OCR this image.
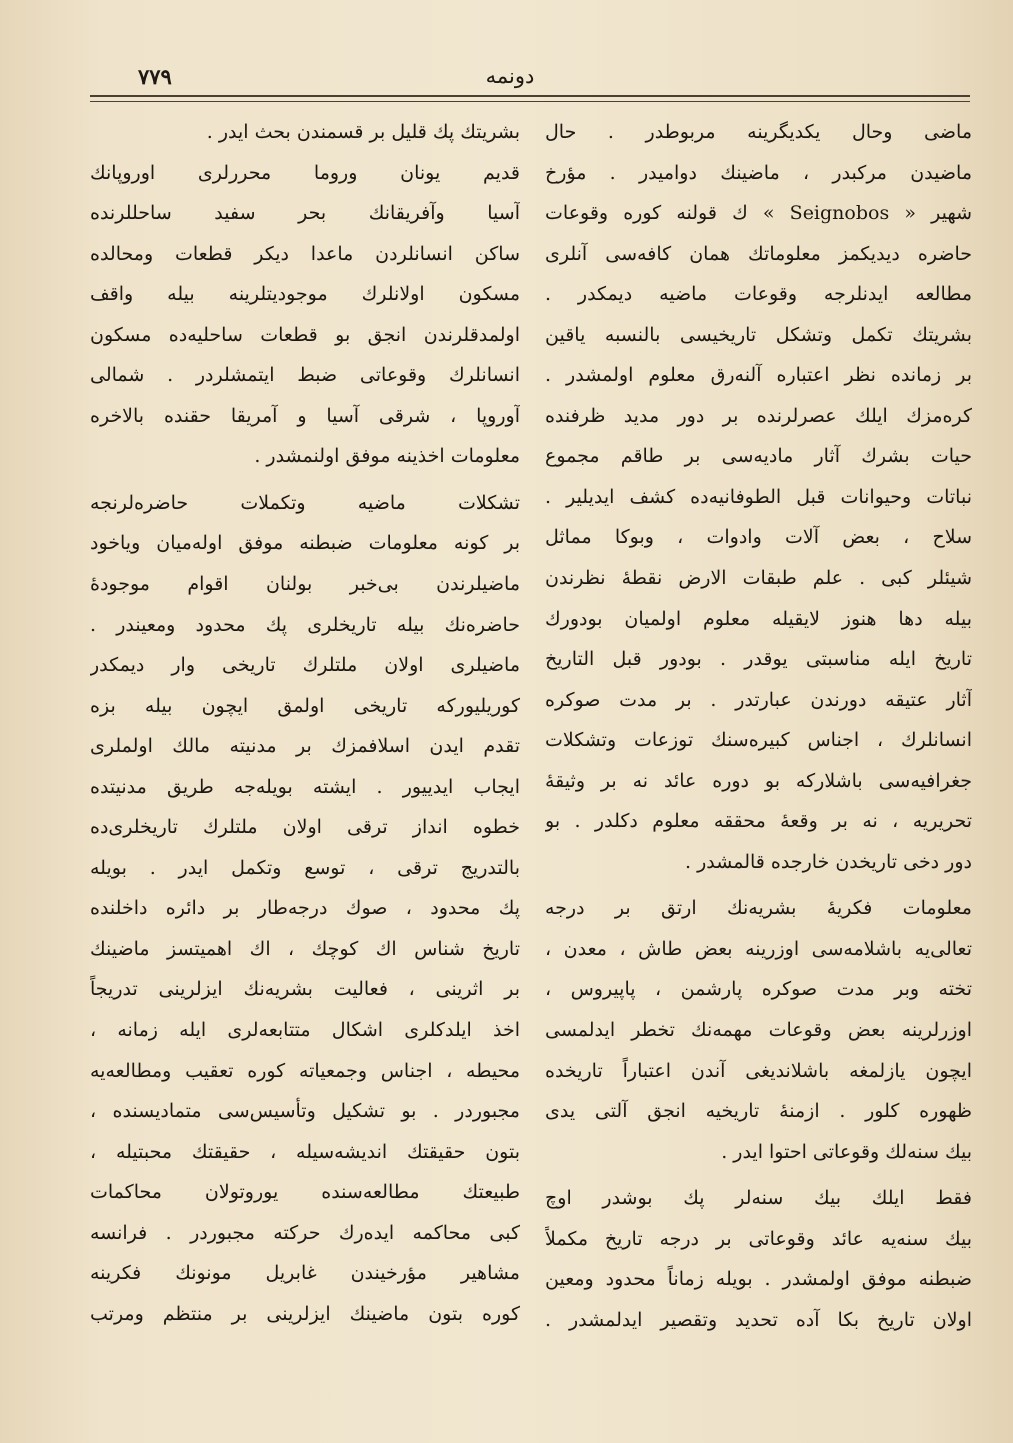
۷۷۹	دونمه
ماضی وحال یکدیگرینه مربوطدر . حال
ماضیدن مرکبدر ، ماضینك دوامیدر . مؤرخ
شهیر « Seignobos » ك قولنه كوره وقوعات
حاضره دیدیکمز معلوماتك همان کافه‌سی آنلری
مطالعه ایدنلرجه وقوعات ماضیه دیمکدر .
بشریتك تکمل وتشکل تاریخیسی بالنسبه یاقین
بر زمانده نظر اعتباره آلنه‌رق معلوم اولمشدر .
کره‌مزك ایلك عصرلرنده بر دور مدید ظرفنده
حیات بشرك آثار مادیه‌سی بر طاقم مجموع
نباتات وحیوانات قبل الطوفانیه‌ده کشف ایدیلیر .
سلاح ، بعض آلات وادوات ، وبوکا مماثل
شیئلر کبی . علم طبقات الارض نقطهٔ نظرندن
بیله دها هنوز لایقیله معلوم اولمیان بودورك
تاریخ ایله مناسبتی یوقدر . بودور قبل التاریخ
آثار عتیقه دورندن عبارتدر . بر مدت صوکره
انسانلرك ، اجناس کبیره‌سنك توزعات وتشکلات
جغرافیه‌سی باشلارکه بو دوره عائد نه بر وثیقهٔ
تحریریه ، نه بر وقعهٔ محققه معلوم دکلدر . بو
دور دخی تاریخدن خارجده قالمشدر .
معلومات فکریهٔ بشریه‌نك ارتق بر درجه
تعالی‌یه باشلامه‌سی اوزرینه بعض طاش ، معدن ،
تخته وبر مدت صوکره پارشمن ، پاپیروس ،
اوزرلرینه بعض وقوعات مهمه‌نك تخطر ایدلمسی
ایچون یازلمغه باشلاندیغی آندن اعتباراً تاریخده
ظهوره کلور . ازمنهٔ تاریخیه انجق آلتی یدی
بیك سنه‌لك وقوعاتی احتوا ایدر .
فقط ایلك بیك سنه‌لر پك بوشدر اوچ
بیك سنه‌یه عائد وقوعاتی بر درجه تاریخ مکملاً
ضبطنه موفق اولمشدر . بویله زماناً محدود ومعین
اولان تاریخ بکا آده تحدید وتقصیر ایدلمشدر .
بشریتك پك قلیل بر قسمندن بحث ایدر .
قدیم یونان وروما محررلری اوروپانك
آسیا وآفریقانك بحر سفید ساحللرنده
ساکن انسانلردن ماعدا دیکر قطعات ومحالده
مسکون اولانلرك موجودیتلرینه بیله واقف
اولمدقلرندن انجق بو قطعات ساحلیه‌ده مسکون
انسانلرك وقوعاتی ضبط ایتمشلردر . شمالی
آوروپا ، شرقی آسیا و آمریقا حقنده بالاخره
معلومات اخذینه موفق اولنمشدر .
تشکلات ماضیه وتکملات حاضره‌لرنجه
بر کونه معلومات ضبطنه موفق اوله‌میان وياخود
ماضیلرندن بی‌خبر بولنان اقوام موجودهٔ
حاضره‌نك بیله تاریخلری پك محدود ومعیندر .
ماضیلری اولان ملتلرك تاریخی وار دیمکدر
کوریلیورکه تاریخی اولمق ایچون بیله بزه
تقدم ایدن اسلافمزك بر مدنیته مالك اولملری
ایجاب ایدییور . ایشته بویله‌جه طریق مدنیتده
خطوه انداز ترقی اولان ملتلرك تاریخلری‌ده
بالتدریج ترقی ، توسع وتکمل ایدر . بویله
پك محدود ، صوك درجه‌طار بر دائره داخلنده
تاریخ شناس اك کوچك ، اك اهمیتسز ماضینك
بر اثرینی ، فعالیت بشریه‌نك ایزلرینی تدریجاً
اخذ ایلدکلری اشکال متتابعه‌لری ایله زمانه ،
محیطه ، اجناس وجمعیاته کوره تعقیب ومطالعه‌یه
مجبوردر . بو تشکیل وتأسیس‌سی متمادیسنده ،
بتون حقیقتك اندیشه‌سیله ، حقیقتك محبتیله ،
طبیعتك مطالعه‌سنده یوروتولان محاکمات
کبی محاکمه ایده‌رك حرکته مجبوردر . فرانسه
مشاهیر مؤرخیندن غابریل مونونك فکرینه
کوره بتون ماضینك ایزلرینی بر منتظم ومرتب
